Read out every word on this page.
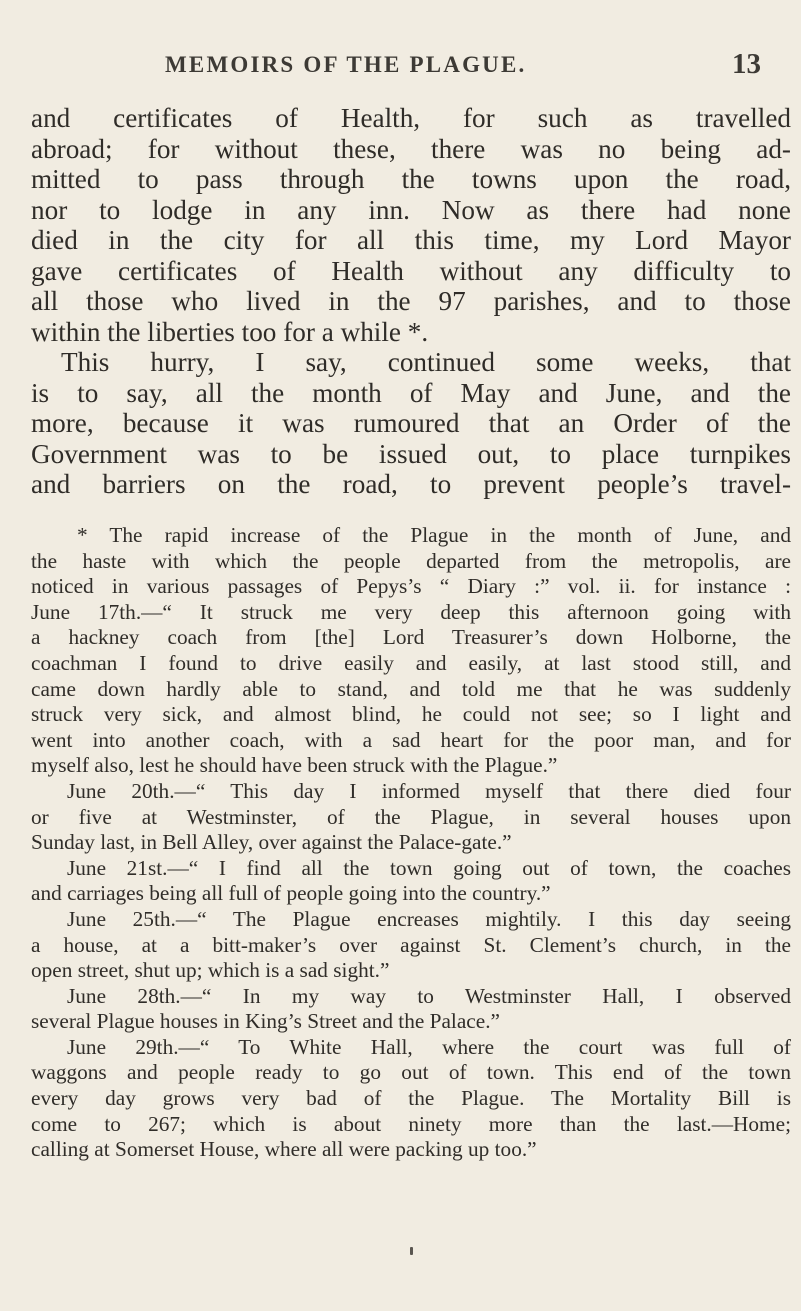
MEMOIRS OF THE PLAGUE.	13
and certificates of Health, for such as travelled
abroad; for without these, there was no being ad-
mitted to pass through the towns upon the road,
nor to lodge in any inn. Now as there had none
died in the city for all this time, my Lord Mayor
gave certificates of Health without any difficulty to
all those who lived in the 97 parishes, and to those
within the liberties too for a while *.
This hurry, I say, continued some weeks, that
is to say, all the month of May and June, and the
more, because it was rumoured that an Order of the
Government was to be issued out, to place turnpikes
and barriers on the road, to prevent people’s travel-
* The rapid increase of the Plague in the month of June, and
the haste with which the people departed from the metropolis, are
noticed in various passages of Pepys’s “ Diary :” vol. ii. for instance :
June 17th.—“ It struck me very deep this afternoon going with
a hackney coach from [the] Lord Treasurer’s down Holborne, the
coachman I found to drive easily and easily, at last stood still, and
came down hardly able to stand, and told me that he was suddenly
struck very sick, and almost blind, he could not see; so I light and
went into another coach, with a sad heart for the poor man, and for
myself also, lest he should have been struck with the Plague.”
June 20th.—“ This day I informed myself that there died four
or five at Westminster, of the Plague, in several houses upon
Sunday last, in Bell Alley, over against the Palace-gate.”
June 21st.—“ I find all the town going out of town, the coaches
and carriages being all full of people going into the country.”
June 25th.—“ The Plague encreases mightily. I this day seeing
a house, at a bitt-maker’s over against St. Clement’s church, in the
open street, shut up; which is a sad sight.”
June 28th.—“ In my way to Westminster Hall, I observed
several Plague houses in King’s Street and the Palace.”
June 29th.—“ To White Hall, where the court was full of
waggons and people ready to go out of town. This end of the town
every day grows very bad of the Plague. The Mortality Bill is
come to 267; which is about ninety more than the last.—Home;
calling at Somerset House, where all were packing up too.”
